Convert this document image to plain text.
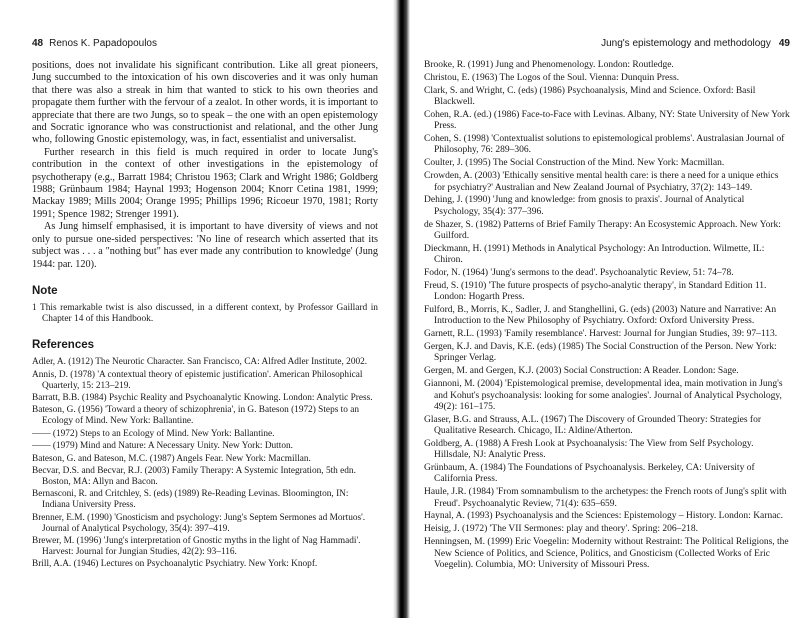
48 Renos K. Papadopoulos

positions, does not invalidate his significant contribution. Like all great pioneers, Jung succumbed to the intoxication of his own discoveries and it was only human that there was also a streak in him that wanted to stick to his own theories and propagate them further with the fervour of a zealot. In other words, it is important to appreciate that there are two Jungs, so to speak – the one with an open epistemology and Socratic ignorance who was constructionist and relational, and the other Jung who, following Gnostic epistemology, was, in fact, essentialist and universalist.

Further research in this field is much required in order to locate Jung's contribution in the context of other investigations in the epistemology of psychotherapy (e.g., Barratt 1984; Christou 1963; Clark and Wright 1986; Goldberg 1988; Grünbaum 1984; Haynal 1993; Hogenson 2004; Knorr Cetina 1981, 1999; Mackay 1989; Mills 2004; Orange 1995; Phillips 1996; Ricoeur 1970, 1981; Rorty 1991; Spence 1982; Strenger 1991).

As Jung himself emphasised, it is important to have diversity of views and not only to pursue one-sided perspectives: 'No line of research which asserted that its subject was . . . a "nothing but" has ever made any contribution to knowledge' (Jung 1944: par. 120).

Note

1 This remarkable twist is also discussed, in a different context, by Professor Gaillard in Chapter 14 of this Handbook.

References
Adler, A. (1912) The Neurotic Character. San Francisco, CA: Alfred Adler Institute, 2002.
Annis, D. (1978) 'A contextual theory of epistemic justification'. American Philosophical Quarterly, 15: 213–219.
Barratt, B.B. (1984) Psychic Reality and Psychoanalytic Knowing. London: Analytic Press.
Bateson, G. (1956) 'Toward a theory of schizophrenia', in G. Bateson (1972) Steps to an Ecology of Mind. New York: Ballantine.
—— (1972) Steps to an Ecology of Mind. New York: Ballantine.
—— (1979) Mind and Nature: A Necessary Unity. New York: Dutton.
Bateson, G. and Bateson, M.C. (1987) Angels Fear. New York: Macmillan.
Becvar, D.S. and Becvar, R.J. (2003) Family Therapy: A Systemic Integration, 5th edn. Boston, MA: Allyn and Bacon.
Bernasconi, R. and Critchley, S. (eds) (1989) Re-Reading Levinas. Bloomington, IN: Indiana University Press.
Brenner, E.M. (1990) 'Gnosticism and psychology: Jung's Septem Sermones ad Mortuos'. Journal of Analytical Psychology, 35(4): 397–419.
Brewer, M. (1996) 'Jung's interpretation of Gnostic myths in the light of Nag Hammadi'. Harvest: Journal for Jungian Studies, 42(2): 93–116.
Brill, A.A. (1946) Lectures on Psychoanalytic Psychiatry. New York: Knopf.
Jung's epistemology and methodology 49
Brooke, R. (1991) Jung and Phenomenology. London: Routledge.
Christou, E. (1963) The Logos of the Soul. Vienna: Dunquin Press.
Clark, S. and Wright, C. (eds) (1986) Psychoanalysis, Mind and Science. Oxford: Basil Blackwell.
Cohen, R.A. (ed.) (1986) Face-to-Face with Levinas. Albany, NY: State University of New York Press.
Cohen, S. (1998) 'Contextualist solutions to epistemological problems'. Australasian Journal of Philosophy, 76: 289–306.
Coulter, J. (1995) The Social Construction of the Mind. New York: Macmillan.
Crowden, A. (2003) 'Ethically sensitive mental health care: is there a need for a unique ethics for psychiatry?' Australian and New Zealand Journal of Psychiatry, 37(2): 143–149.
Dehing, J. (1990) 'Jung and knowledge: from gnosis to praxis'. Journal of Analytical Psychology, 35(4): 377–396.
de Shazer, S. (1982) Patterns of Brief Family Therapy: An Ecosystemic Approach. New York: Guilford.
Dieckmann, H. (1991) Methods in Analytical Psychology: An Introduction. Wilmette, IL: Chiron.
Fodor, N. (1964) 'Jung's sermons to the dead'. Psychoanalytic Review, 51: 74–78.
Freud, S. (1910) 'The future prospects of psycho-analytic therapy', in Standard Edition 11. London: Hogarth Press.
Fulford, B., Morris, K., Sadler, J. and Stanghellini, G. (eds) (2003) Nature and Narrative: An Introduction to the New Philosophy of Psychiatry. Oxford: Oxford University Press.
Garnett, R.L. (1993) 'Family resemblance'. Harvest: Journal for Jungian Studies, 39: 97–113.
Gergen, K.J. and Davis, K.E. (eds) (1985) The Social Construction of the Person. New York: Springer Verlag.
Gergen, M. and Gergen, K.J. (2003) Social Construction: A Reader. London: Sage.
Giannoni, M. (2004) 'Epistemological premise, developmental idea, main motivation in Jung's and Kohut's psychoanalysis: looking for some analogies'. Journal of Analytical Psychology, 49(2): 161–175.
Glaser, B.G. and Strauss, A.L. (1967) The Discovery of Grounded Theory: Strategies for Qualitative Research. Chicago, IL: Aldine/Atherton.
Goldberg, A. (1988) A Fresh Look at Psychoanalysis: The View from Self Psychology. Hillsdale, NJ: Analytic Press.
Grünbaum, A. (1984) The Foundations of Psychoanalysis. Berkeley, CA: University of California Press.
Haule, J.R. (1984) 'From somnambulism to the archetypes: the French roots of Jung's split with Freud'. Psychoanalytic Review, 71(4): 635–659.
Haynal, A. (1993) Psychoanalysis and the Sciences: Epistemology – History. London: Karnac.
Heisig, J. (1972) 'The VII Sermones: play and theory'. Spring: 206–218.
Henningsen, M. (1999) Eric Voegelin: Modernity without Restraint: The Political Religions, the New Science of Politics, and Science, Politics, and Gnosticism (Collected Works of Eric Voegelin). Columbia, MO: University of Missouri Press.
